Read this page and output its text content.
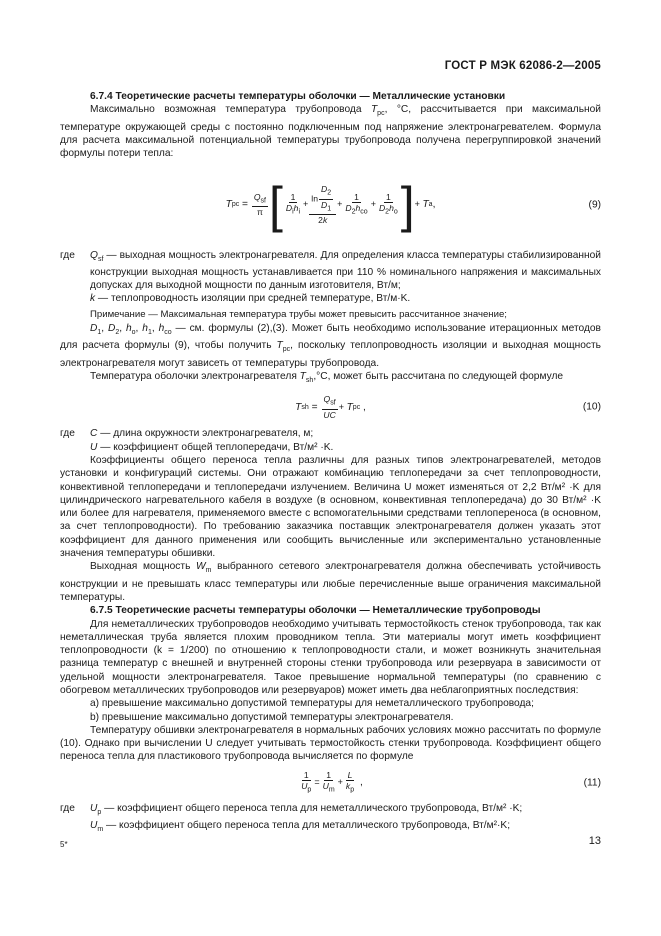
ГОСТ Р МЭК 62086-2—2005

6.7.4 Теоретические расчеты температуры оболочки — Металлические установки

Максимально возможная температура трубопровода $T_{pc}$, °C, рассчитывается при максимальной температуре окружающей среды с постоянно подключенным под напряжение электронагревателем. Формула для расчета максимальной потенциальной температуры трубопровода получена перегруппировкой значений формулы потери тепла:

T pc = $\frac{Q_{sf}}{\pi}$ [ $\frac{1}{D_ih_i} + \frac{\ln \frac{D_2}{D_1}}{2k} + \frac{1}{D_2h_{co}} + \frac{1}{D_2h_o}$ ] + T a ,	(9)
где	$Q_{sf}$ — выходная мощность электронагревателя. Для определения класса температуры стабилизированной конструкции выходная мощность устанавливается при 110 % номинального напряжения и максимальных допусках для выходной мощности по данным изготовителя, Вт/м;

k — теплопроводность изоляции при средней температуре, Вт/м·K.

Примечание — Максимальная температура трубы может превысить рассчитанное значение;

$D_1$, $D_2$, $h_o$, $h_1$, $h_{co}$ — см. формулы (2),(3). Может быть необходимо использование итерационных методов для расчета формулы (9), чтобы получить $T_{pc}$, поскольку теплопроводность изоляции и выходная мощность электронагревателя могут зависеть от температуры трубопровода.

Температура оболочки электронагревателя $T_{sh},^\circ C$, может быть рассчитана по следующей формуле

T sh = $\frac{Q_{sf}}{UC} + T$ pc ,	(10)
где	C — длина окружности электронагревателя, м;

U — коэффициент общей теплопередачи, Вт/м² ·K.

Коэффициенты общего переноса тепла различны для разных типов электронагревателей, методов установки и конфигураций системы. Они отражают комбинацию теплопередачи за счет теплопроводности, конвективной теплопередачи и теплопередачи излучением. Величина U может изменяться от 2,2 Вт/м² ·K для цилиндрического нагревательного кабеля в воздухе (в основном, конвективная теплопередача) до 30 Вт/м² ·K или более для нагревателя, применяемого вместе с вспомогательными средствами теплопереноса (в основном, за счет теплопроводности). По требованию заказчика поставщик электронагревателя должен указать этот коэффициент для данного применения или сообщить вычисленные или экспериментально установленные значения температуры обшивки.

Выходная мощность $W_m$ выбранного сетевого электронагревателя должна обеспечивать устойчивость конструкции и не превышать класс температуры или любые перечисленные выше ограничения максимальной температуры.

6.7.5 Теоретические расчеты температуры оболочки — Неметаллические трубопроводы

Для неметаллических трубопроводов необходимо учитывать термостойкость стенок трубопровода, так как неметаллическая труба является плохим проводником тепла. Эти материалы могут иметь коэффициент теплопроводности (k = 1/200) по отношению к теплопроводности стали, и может возникнуть значительная разница температур с внешней и внутренней стороны стенки трубопровода или резервуара в зависимости от удельной мощности электронагревателя. Такое превышение нормальной температуры (по сравнению с обогревом металлических трубопроводов или резервуаров) может иметь два неблагоприятных последствия:

a) превышение максимально допустимой температуры для неметаллического трубопровода;

b) превышение максимально допустимой температуры электронагревателя.

Температуру обшивки электронагревателя в нормальных рабочих условиях можно рассчитать по формуле (10). Однако при вычислении U следует учитывать термостойкость стенки трубопровода. Коэффициент общего переноса тепла для пластикового трубопровода вычисляется по формуле

$\frac{1}{U_p} = \frac{1}{U_m} + \frac{L}{k_p}$ ,	(11)
где	$U_p$ — коэффициент общего переноса тепла для неметаллического трубопровода, Вт/м² ·K;

$U_m$ — коэффициент общего переноса тепла для металлического трубопровода, Вт/м²·K;

5*	13
